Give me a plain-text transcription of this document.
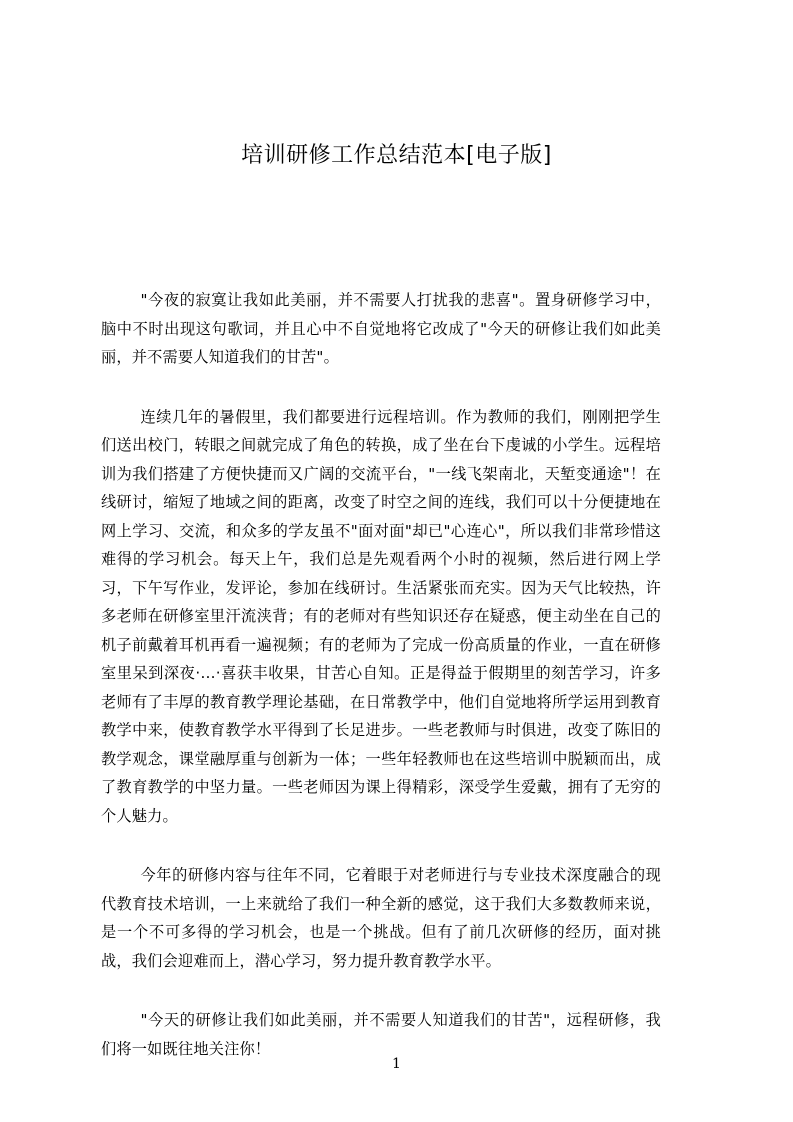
培训研修工作总结范本[电子版]

"今夜的寂寞让我如此美丽，并不需要人打扰我的悲喜"。置身研修学习中，脑中不时出现这句歌词，并且心中不自觉地将它改成了"今天的研修让我们如此美丽，并不需要人知道我们的甘苦"。

连续几年的暑假里，我们都要进行远程培训。作为教师的我们，刚刚把学生们送出校门，转眼之间就完成了角色的转换，成了坐在台下虔诚的小学生。远程培训为我们搭建了方便快捷而又广阔的交流平台，"一线飞架南北，天堑变通途"！在线研讨，缩短了地域之间的距离，改变了时空之间的连线，我们可以十分便捷地在网上学习、交流，和众多的学友虽不"面对面"却已"心连心"，所以我们非常珍惜这难得的学习机会。每天上午，我们总是先观看两个小时的视频，然后进行网上学习，下午写作业，发评论，参加在线研讨。生活紧张而充实。因为天气比较热，许多老师在研修室里汗流浃背；有的老师对有些知识还存在疑惑，便主动坐在自己的机子前戴着耳机再看一遍视频；有的老师为了完成一份高质量的作业，一直在研修室里呆到深夜·…·喜获丰收果，甘苦心自知。正是得益于假期里的刻苦学习，许多老师有了丰厚的教育教学理论基础，在日常教学中，他们自觉地将所学运用到教育教学中来，使教育教学水平得到了长足进步。一些老教师与时俱进，改变了陈旧的教学观念，课堂融厚重与创新为一体；一些年轻教师也在这些培训中脱颖而出，成了教育教学的中坚力量。一些老师因为课上得精彩，深受学生爱戴，拥有了无穷的个人魅力。

今年的研修内容与往年不同，它着眼于对老师进行与专业技术深度融合的现代教育技术培训，一上来就给了我们一种全新的感觉，这于我们大多数教师来说，是一个不可多得的学习机会，也是一个挑战。但有了前几次研修的经历，面对挑战，我们会迎难而上，潜心学习，努力提升教育教学水平。

"今天的研修让我们如此美丽，并不需要人知道我们的甘苦"，远程研修，我们将一如既往地关注你！

1
